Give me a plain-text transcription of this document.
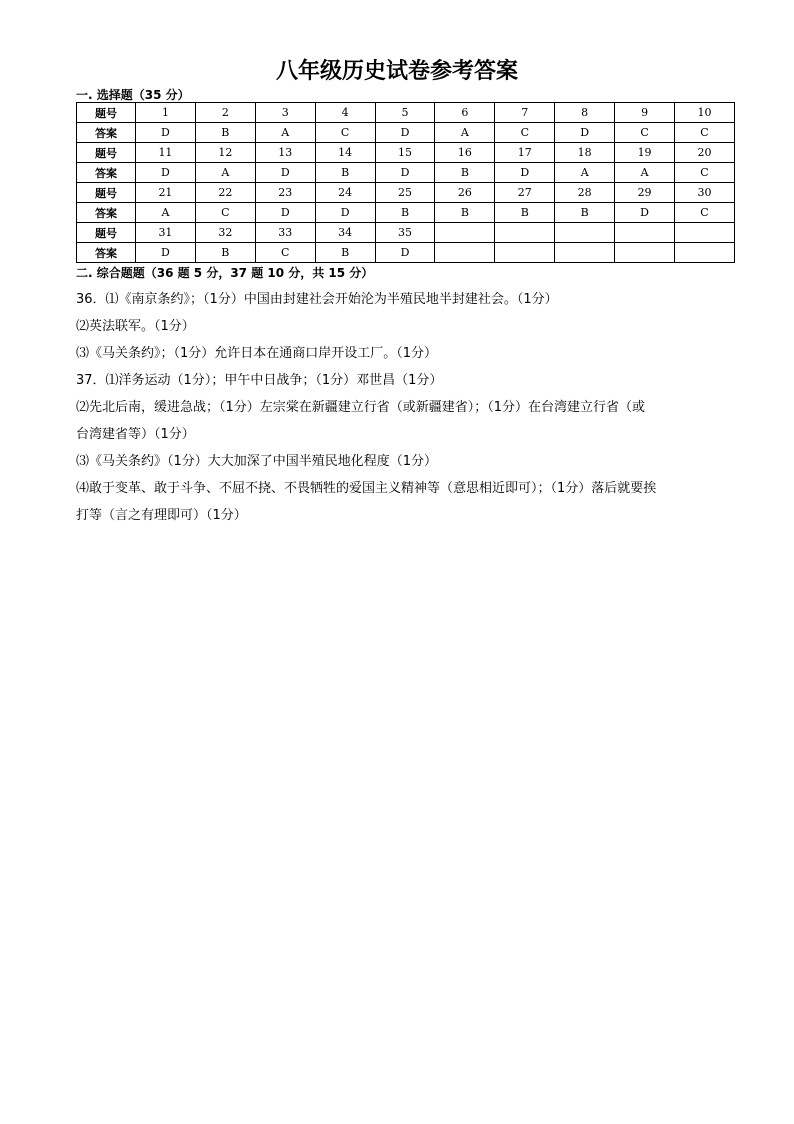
八年级历史试卷参考答案
一. 选择题（35 分）
题号	1	2	3	4	5	6	7	8	9	10
答案	D	B	A	C	D	A	C	D	C	C
题号	11	12	13	14	15	16	17	18	19	20
答案	D	A	D	B	D	B	D	A	A	C
题号	21	22	23	24	25	26	27	28	29	30
答案	A	C	D	D	B	B	B	B	D	C
题号	31	32	33	34	35					
答案	D	B	C	B	D					
二. 综合题题（36 题 5 分，37 题 10 分，共 15 分）
36．⑴《南京条约》；（1分）中国由封建社会开始沦为半殖民地半封建社会。（1分）
⑵英法联军。（1分）
⑶《马关条约》；（1分）允许日本在通商口岸开设工厂。（1分）
37．⑴洋务运动（1分）；甲午中日战争；（1分）邓世昌（1分）
⑵先北后南，缓进急战；（1分）左宗棠在新疆建立行省（或新疆建省）；（1分）在台湾建立行省（或
台湾建省等）（1分）
⑶《马关条约》（1分）大大加深了中国半殖民地化程度（1分）
⑷敢于变革、敢于斗争、不屈不挠、不畏牺牲的爱国主义精神等（意思相近即可）；（1分）落后就要挨
打等（言之有理即可）（1分）
